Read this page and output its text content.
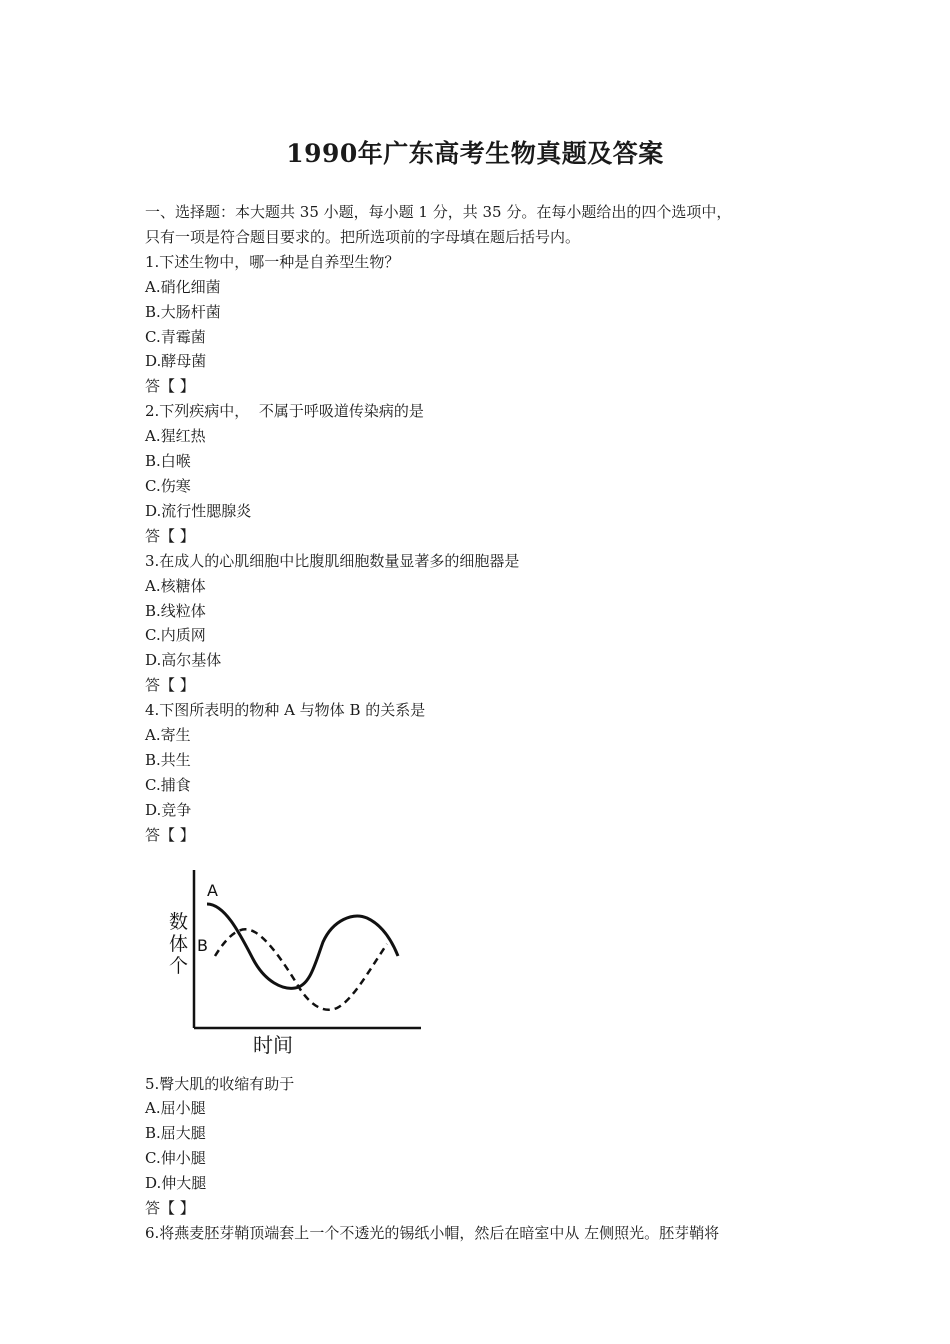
1990年广东高考生物真题及答案
一、选择题：本大题共 35 小题，每小题 1 分，共 35 分。在每小题给出的四个选项中，
只有一项是符合题目要求的。把所选项前的字母填在题后括号内。
1.下述生物中，哪一种是自养型生物？
A.硝化细菌
B.大肠杆菌
C.青霉菌
D.酵母菌
答【 】
2.下列疾病中，  不属于呼吸道传染病的是
A.猩红热
B.白喉
C.伤寒
D.流行性腮腺炎
答【 】
3.在成人的心肌细胞中比腹肌细胞数量显著多的细胞器是
A.核糖体
B.线粒体
C.内质网
D.高尔基体
答【 】
4.下图所表明的物种 A 与物体 B 的关系是
A.寄生
B.共生
C.捕食
D.竞争
答【 】
A
B
数 体 个
时间
5.臀大肌的收缩有助于
A.屈小腿
B.屈大腿
C.伸小腿
D.伸大腿
答【 】
6.将燕麦胚芽鞘顶端套上一个不透光的锡纸小帽，然后在暗室中从 左侧照光。胚芽鞘将
